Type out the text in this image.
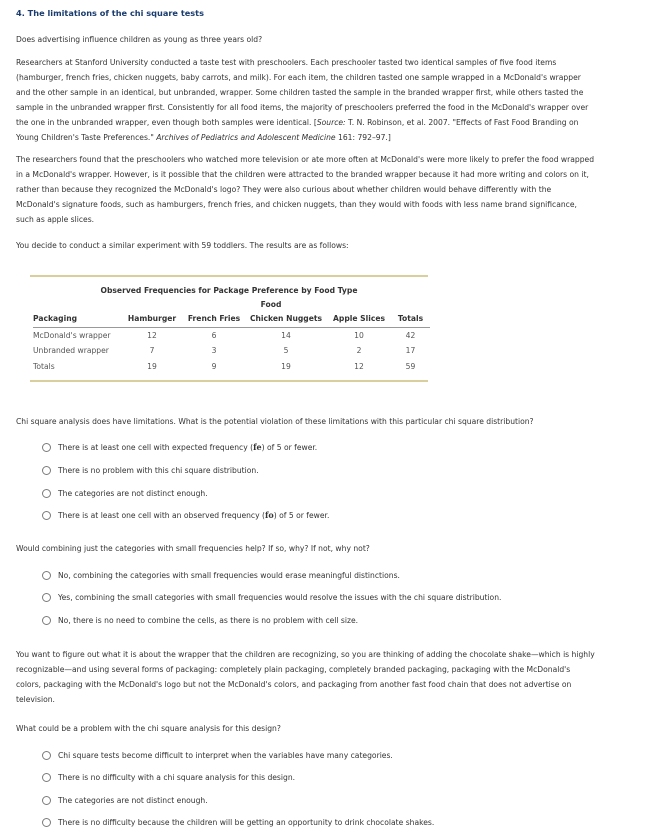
4. The limitations of the chi square tests
Does advertising influence children as young as three years old?
Researchers at Stanford University conducted a taste test with preschoolers. Each preschooler tasted two identical samples of five food items (hamburger, french fries, chicken nuggets, baby carrots, and milk). For each item, the children tasted one sample wrapped in a McDonald's wrapper and the other sample in an identical, but unbranded, wrapper. Some children tasted the sample in the branded wrapper first, while others tasted the sample in the unbranded wrapper first. Consistently for all food items, the majority of preschoolers preferred the food in the McDonald's wrapper over the one in the unbranded wrapper, even though both samples were identical. [Source: T. N. Robinson, et al. 2007. "Effects of Fast Food Branding on Young Children's Taste Preferences." Archives of Pediatrics and Adolescent Medicine 161: 792–97.]
The researchers found that the preschoolers who watched more television or ate more often at McDonald's were more likely to prefer the food wrapped in a McDonald's wrapper. However, is it possible that the children were attracted to the branded wrapper because it had more writing and colors on it, rather than because they recognized the McDonald's logo? They were also curious about whether children would behave differently with the McDonald's signature foods, such as hamburgers, french fries, and chicken nuggets, than they would with foods with less name brand significance, such as apple slices.
You decide to conduct a similar experiment with 59 toddlers. The results are as follows:
Observed Frequencies for Package Preference by Food Type
Food
Packaging	Hamburger	French Fries	Chicken Nuggets	Apple Slices	Totals
McDonald's wrapper	12	6	14	10	42
Unbranded wrapper	7	3	5	2	17
Totals	19	9	19	12	59
Chi square analysis does have limitations. What is the potential violation of these limitations with this particular chi square distribution?
There is at least one cell with expected frequency (fe) of 5 or fewer.
There is no problem with this chi square distribution.
The categories are not distinct enough.
There is at least one cell with an observed frequency (fo) of 5 or fewer.
Would combining just the categories with small frequencies help? If so, why? If not, why not?
No, combining the categories with small frequencies would erase meaningful distinctions.
Yes, combining the small categories with small frequencies would resolve the issues with the chi square distribution.
No, there is no need to combine the cells, as there is no problem with cell size.
You want to figure out what it is about the wrapper that the children are recognizing, so you are thinking of adding the chocolate shake—which is highly recognizable—and using several forms of packaging: completely plain packaging, completely branded packaging, packaging with the McDonald's colors, packaging with the McDonald's logo but not the McDonald's colors, and packaging from another fast food chain that does not advertise on television.
What could be a problem with the chi square analysis for this design?
Chi square tests become difficult to interpret when the variables have many categories.
There is no difficulty with a chi square analysis for this design.
The categories are not distinct enough.
There is no difficulty because the children will be getting an opportunity to drink chocolate shakes.
